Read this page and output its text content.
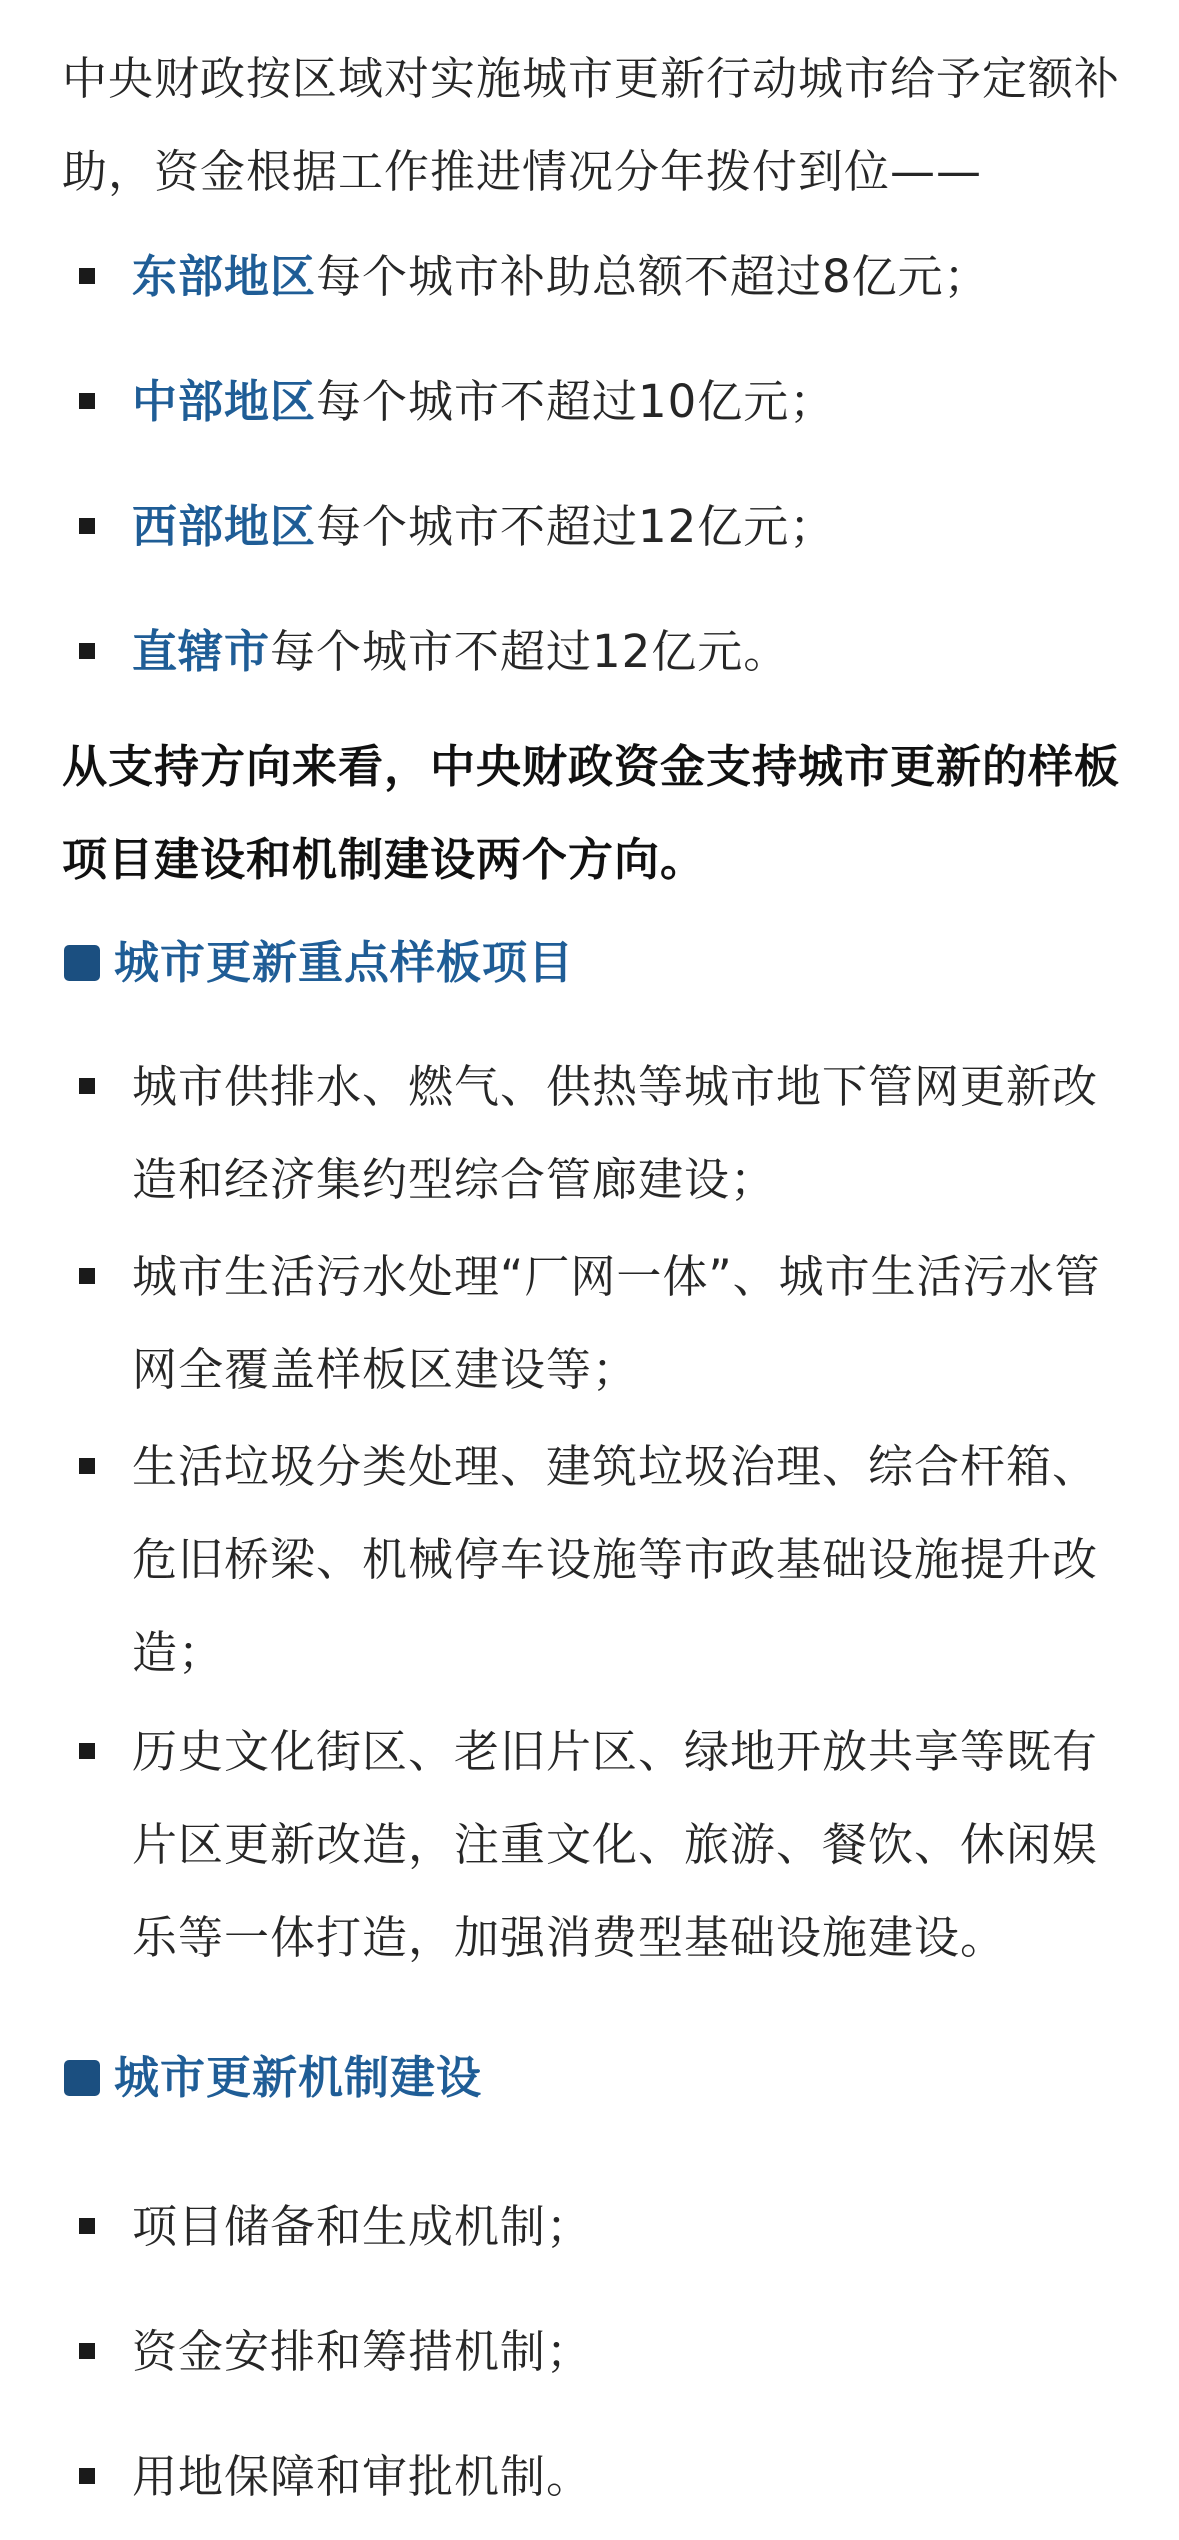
中央财政按区域对实施城市更新行动城市给予定额补助，资金根据工作推进情况分年拨付到位——

东部地区每个城市补助总额不超过8亿元；

中部地区每个城市不超过10亿元；

西部地区每个城市不超过12亿元；

直辖市每个城市不超过12亿元。

从支持方向来看，中央财政资金支持城市更新的样板项目建设和机制建设两个方向。

城市更新重点样板项目

城市供排水、燃气、供热等城市地下管网更新改造和经济集约型综合管廊建设；

城市生活污水处理“厂网一体”、城市生活污水管网全覆盖样板区建设等；

生活垃圾分类处理、建筑垃圾治理、综合杆箱、危旧桥梁、机械停车设施等市政基础设施提升改造；

历史文化街区、老旧片区、绿地开放共享等既有片区更新改造，注重文化、旅游、餐饮、休闲娱乐等一体打造，加强消费型基础设施建设。

城市更新机制建设

项目储备和生成机制；

资金安排和筹措机制；

用地保障和审批机制。
